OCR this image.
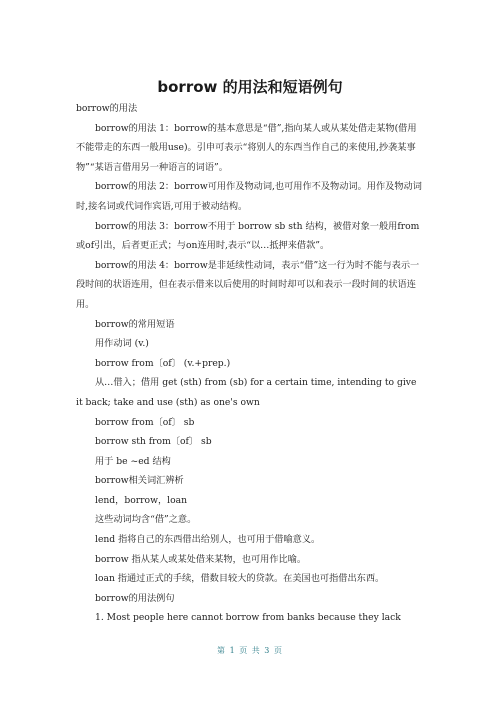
borrow 的用法和短语例句

borrow的用法

borrow的用法 1：borrow的基本意思是“借”,指向某人或从某处借走某物(借用不能带走的东西一般用use)。引申可表示“将别人的东西当作自己的来使用,抄袭某事物”“某语言借用另一种语言的词语”。

borrow的用法 2：borrow可用作及物动词,也可用作不及物动词。用作及物动词时,接名词或代词作宾语,可用于被动结构。

borrow的用法 3：borrow不用于 borrow sb sth 结构，被借对象一般用from或of引出，后者更正式；与on连用时,表示“以…抵押来借款”。

borrow的用法 4：borrow是非延续性动词，表示“借”这一行为时不能与表示一段时间的状语连用，但在表示借来以后使用的时间时却可以和表示一段时间的状语连用。

borrow的常用短语

用作动词 (v.)

borrow from〔of〕 (v.+prep.)

从…借入；借用 get (sth) from (sb) for a certain time, intending to give it back; take and use (sth) as one's own

borrow from〔of〕 sb

borrow sth from〔of〕 sb

用于 be ~ed 结构

borrow相关词汇辨析

lend，borrow，loan

这些动词均含“借”之意。

lend 指将自己的东西借出给别人，也可用于借喻意义。

borrow 指从某人或某处借来某物，也可用作比喻。

loan 指通过正式的手续，借数目较大的贷款。在美国也可指借出东西。

borrow的用法例句

1. Most people here cannot borrow from banks because they lack

第 1 页 共 3 页
